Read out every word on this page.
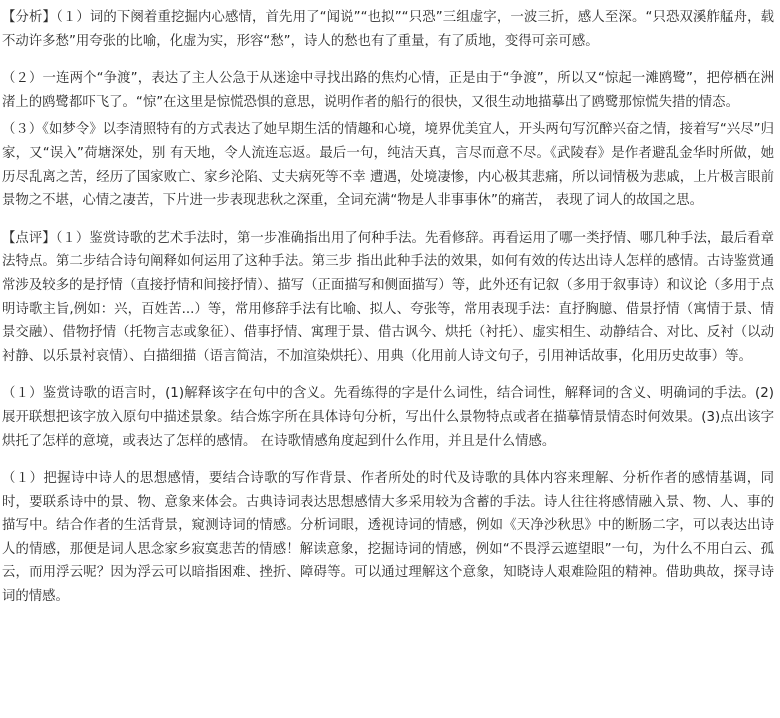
【分析】（１）词的下阕着重挖掘内心感情，首先用了“闻说”“也拟”“只恐”三组虚字，一波三折，感人至深。“只恐双溪舴艋舟，载不动许多愁”用夸张的比喻，化虚为实，形容“愁”，诗人的愁也有了重量，有了质地，变得可亲可感。

（２）一连两个“争渡”，表达了主人公急于从迷途中寻找出路的焦灼心情，正是由于“争渡”，所以又“惊起一滩鸥鹭”，把停栖在洲渚上的鸥鹭都吓飞了。“惊”在这里是惊慌恐惧的意思，说明作者的船行的很快，又很生动地描摹出了鸥鹭那惊慌失措的情态。

（３）《如梦令》以李清照特有的方式表达了她早期生活的情趣和心境，境界优美宜人，开头两句写沉醉兴奋之情，接着写“兴尽”归家，又“误入”荷塘深处，别 有天地，令人流连忘返。最后一句，纯洁天真，言尽而意不尽。《武陵春》是作者避乱金华时所做，她历尽乱离之苦，经历了国家败亡、家乡沦陷、丈夫病死等不幸 遭遇，处境凄惨，内心极其悲痛，所以词情极为悲戚，上片极言眼前景物之不堪，心情之凄苦，下片进一步表现悲秋之深重，全词充满“物是人非事事休”的痛苦， 表现了词人的故国之思。

【点评】（１）鉴赏诗歌的艺术手法时，第一步准确指出用了何种手法。先看修辞。再看运用了哪一类抒情、哪几种手法，最后看章法特点。第二步结合诗句阐释如何运用了这种手法。第三步 指出此种手法的效果，如何有效的传达出诗人怎样的感情。古诗鉴赏通常涉及较多的是抒情（直接抒情和间接抒情）、描写（正面描写和侧面描写）等，此外还有记叙（多用于叙事诗）和议论（多用于点明诗歌主旨,例如：兴，百姓苦...）等，常用修辞手法有比喻、拟人、夸张等，常用表现手法：直抒胸臆、借景抒情（寓情于景、情景交融）、借物抒情（托物言志或象征）、借事抒情、寓理于景、借古讽今、烘托（衬托）、虚实相生、动静结合、对比、反衬（以动衬静、以乐景衬哀情）、白描细描（语言简洁，不加渲染烘托）、用典（化用前人诗文句子，引用神话故事，化用历史故事）等。

（１）鉴赏诗歌的语言时，(1)解释该字在句中的含义。先看练得的字是什么词性，结合词性，解释词的含义、明确词的手法。(2)展开联想把该字放入原句中描述景象。结合炼字所在具体诗句分析，写出什么景物特点或者在描摹情景情态时何效果。(3)点出该字烘托了怎样的意境，或表达了怎样的感情。 在诗歌情感角度起到什么作用，并且是什么情感。

（１）把握诗中诗人的思想感情，要结合诗歌的写作背景、作者所处的时代及诗歌的具体内容来理解、分析作者的感情基调，同时，要联系诗中的景、物、意象来体会。古典诗词表达思想感情大多采用较为含蓄的手法。诗人往往将感情融入景、物、人、事的描写中。结合作者的生活背景，窥测诗词的情感。分析词眼，透视诗词的情感，例如《天净沙秋思》中的断肠二字，可以表达出诗人的情感，那便是词人思念家乡寂寞悲苦的情感！解读意象，挖掘诗词的情感，例如“不畏浮云遮望眼”一句，为什么不用白云、孤云，而用浮云呢？因为浮云可以暗指困难、挫折、障碍等。可以通过理解这个意象，知晓诗人艰难险阻的精神。借助典故，探寻诗词的情感。
